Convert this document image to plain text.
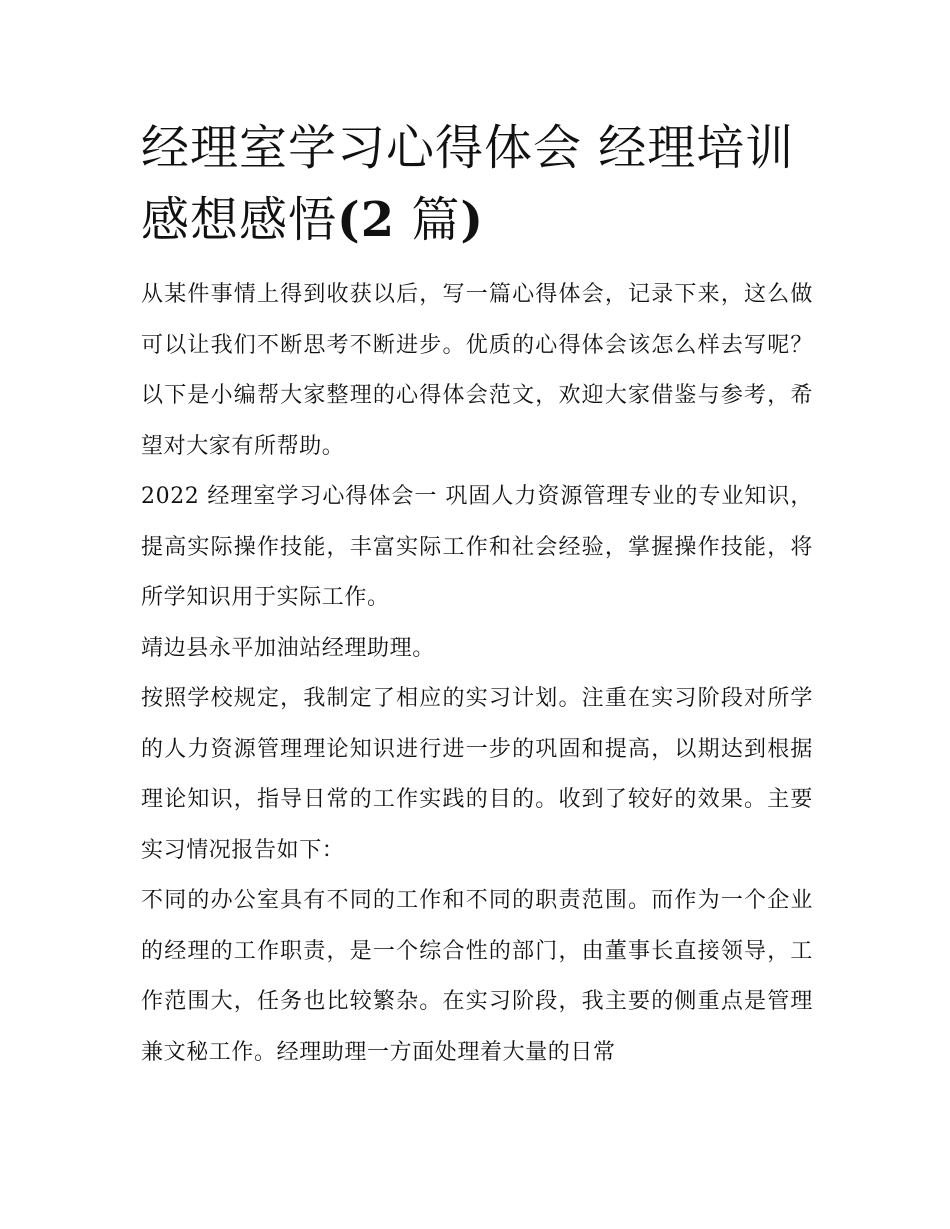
经理室学习心得体会 经理培训
感想感悟(2 篇)

从某件事情上得到收获以后，写一篇心得体会，记录下来，这么做可以让我们不断思考不断进步。优质的心得体会该怎么样去写呢？以下是小编帮大家整理的心得体会范文，欢迎大家借鉴与参考，希望对大家有所帮助。

2022 经理室学习心得体会一 巩固人力资源管理专业的专业知识，提高实际操作技能，丰富实际工作和社会经验，掌握操作技能，将所学知识用于实际工作。

靖边县永平加油站经理助理。

按照学校规定，我制定了相应的实习计划。注重在实习阶段对所学的人力资源管理理论知识进行进一步的巩固和提高，以期达到根据理论知识，指导日常的工作实践的目的。收到了较好的效果。主要实习情况报告如下：

不同的办公室具有不同的工作和不同的职责范围。而作为一个企业的经理的工作职责，是一个综合性的部门，由董事长直接领导，工作范围大，任务也比较繁杂。在实习阶段，我主要的侧重点是管理兼文秘工作。经理助理一方面处理着大量的日常
